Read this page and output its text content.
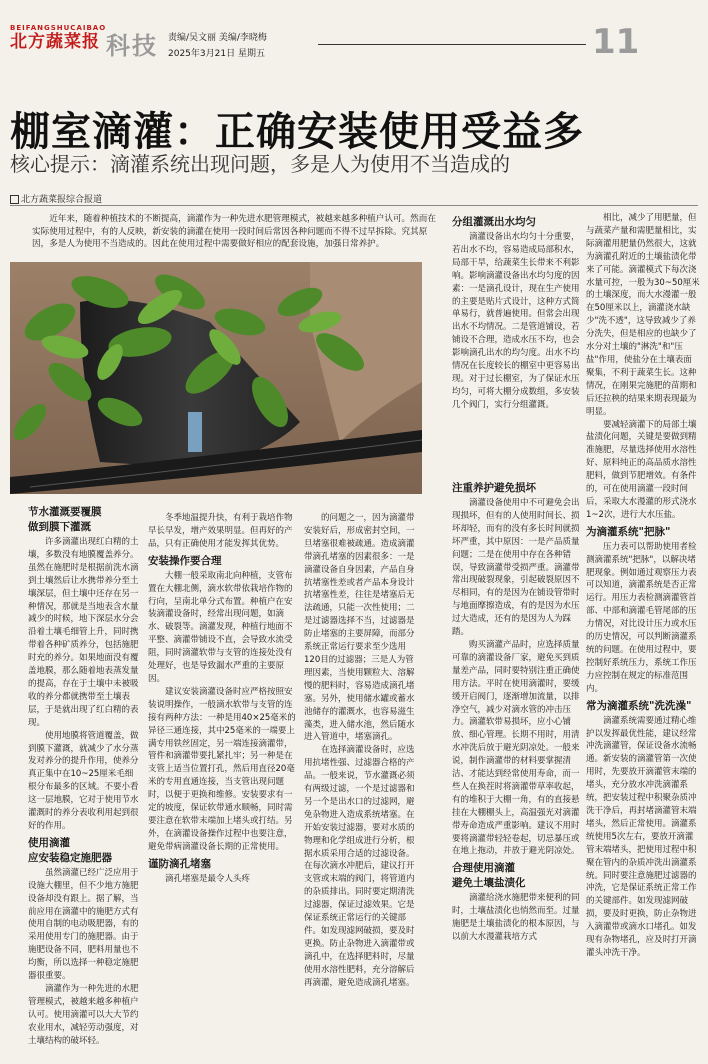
BEIFANGSHUCAIBAO
北方蔬菜报 科技 责编/吴文丽 美编/李晓梅
2025年3月21日 星期五	11
棚室滴灌：正确安装使用受益多
核心提示：滴灌系统出现问题，多是人为使用不当造成的
北方蔬菜报综合报道
近年来，随着种植技术的不断提高，滴灌作为一种先进水肥管理模式，被越来越多种植户认可。然而在实际使用过程中，有的人反映，新安装的滴灌在使用一段时间后常因各种问题而不得不过早拆除。究其原因，多是人为使用不当造成的。因此在使用过程中需要做好相应的配套设施，加强日常养护。
节水灌溉要覆膜
做到膜下灌溉

许多滴灌出现红白精的土壤，多数没有地膜覆盖养分。虽然在施肥时是根据前洗水滴到土壤然后让水携带养分至土壤深层，但土壤中还存在另一种情况，那就是当地表含水量减少的时候，地下深层水分会沿着土壤毛细管上升，同时携带着各种矿质养分，包括施肥时充的养分。如果地面没有覆盖地膜，那么随着地表蒸发量的提高，存在于土壤中未被吸收的养分都就携带至土壤表层，于是就出现了红白精的表现。

使用地膜将管道覆盖，做到膜下灌溉，就减少了水分蒸发对养分的提升作用，使养分真正集中在10~25厘米毛细根分布最多的区域。不要小看这一层地膜，它对于使用节水灌溉时的养分表收利用起到很好的作用。

使用滴灌
应安装稳定施肥器

虽然滴灌已经广泛应用于设施大棚里，但不少地方施肥设备却没有跟上。据了解，当前应用在滴灌中的施肥方式有使用自制的电动吸肥器，有的采用使用专门的施肥器。由于施肥设备不同，肥料用量也不均衡，所以选择一种稳定施肥器很重要。

滴灌作为一种先进的水肥管理模式，被越来越多种植户认可。使用滴灌可以大大节约农业用水，减轻劳动强度，对土壤结构的破坏轻。

冬季地温提升快，有利于栽培作物早长早发，增产效果明显。但再好的产品，只有正确使用才能发挥其优势。

安装操作要合理

大棚一般采取南北向种植，支管布置在大棚北侧，滴水软带依栽培作物的行向，呈南北单分式布置。种植户在安装滴灌设备时，经常出现问题，如滴水、破裂等。滴灌发现，种植行地面不平整、滴灌带铺设不直，会导致水流受阻，同时滴灌软带与支管的连接处没有处理好，也是导致漏水严重的主要原因。

建议安装滴灌设备时应严格按照安装说明操作，一般滴水软带与支管的连接有两种方法：一种是用40×25毫米的异径三通连接，其中25毫米的一端要上满专用铁丝固定，另一端连接滴灌带，管件和滴灌带要扎紧扎牢；另一种是在支管上适当位置打孔，然后用直径20毫米的专用直通连接，当支管出现问题时，以便于更换和维修。安装要求有一定的坡度，保证软带通水顺畅，同时需要注意在软带末端加上堵头或打结。另外，在滴灌设备操作过程中也要注意，避免带病滴灌设备长期的正常使用。

谨防滴孔堵塞

滴孔堵塞是最令人头疼

的问题之一，因为滴灌带安装好后，形成密封空间，一旦堵塞很难被疏通。造成滴灌带滴孔堵塞的因素很多：一是滴灌设备自身因素，产品自身抗堵塞性差或者产品本身设计抗堵塞性差，往往是堵塞后无法疏通，只能一次性使用；二是过滤器选择不当，过滤器是防止堵塞的主要屏障，而部分系统正常运行要求至少选用120目的过滤器；三是人为管理因素，当使用颗粒大、溶解慢的肥料时，容易造成滴孔堵塞。另外，使用储水罐或蓄水池储存的灌溉水，也容易滋生藻类，进入储水池，然后随水进入管道中，堵塞滴孔。

在选择滴灌设备时，应选用抗堵性强、过滤器合格的产品。一般来说，节水灌溉必须有两级过滤，一个是过滤器和另一个是出水口的过滤网，避免杂物进入造成系统堵塞。在开始安装过滤器，要对水质的物理和化学组成进行分析，根据水质采用合适的过滤设备。在每次滴水冲肥后，建议打开支管或末端的阀门，将管道内的杂质排出。同时要定期清洗过滤器，保证过滤效果。它是保证系统正常运行的关键部件。如发现滤网破损，要及时更换。防止杂物进入滴灌带或滴孔中，在选择肥料时，尽量使用水溶性肥料，充分溶解后再滴灌，避免造成滴孔堵塞。

分组灌溉出水均匀

滴灌设备出水均匀十分重要，若出水不均，容易造成局部积水，局部干旱，给蔬菜生长带来不利影响。影响滴灌设备出水均匀度的因素：一是滴孔设计，现在生产使用的主要是贴片式设计，这种方式简单易行，就普遍使用。但常会出现出水不均情况。二是管道铺设，若铺设不合理，造成水压不均，也会影响滴孔出水的均匀度。出水不均情况在长度较长的棚室中更容易出现。对于过长棚室，为了保证水压均匀，可将大棚分成数组，多安装几个阀门，实行分组灌溉。

注重养护避免损坏

滴灌设备使用中不可避免会出现损坏，但有的人使用时间长、损坏却轻，而有的没有多长时间就损坏严重，其中原因：一是产品质量问题；二是在使用中存在各种错误，导致滴灌带受损严重。滴灌带常出现破裂现象，引起破裂原因不尽相同，有的是因为在铺设管带时与地面摩擦造成，有的是因为水压过大造成，还有的是因为人为踩踏。

购买滴灌产品时，应选择质量可靠的滴灌设备厂家，避免买到质量差产品，同时要特别注重正确使用方法。平时在使用滴灌时，要缓缓开启阀门，逐渐增加流量，以排净空气，减少对滴水管的冲击压力。滴灌软带易损坏，应小心铺放、细心管理。长期不用时，用清水冲洗后放于避光阴凉处。一般来说，制作滴灌带的材料要掌握清洁、才能达到经常使用寿命，而一些人在换茬时将滴灌带草率收起，有的堆积于大棚一角，有的直接悬挂在大棚棚头上，高温强光对滴灌带寿命造成严重影响。建议不用时要将滴灌带轻轻卷起，切忌暴压或在地上拖动，并放于避光阴凉处。

合理使用滴灌
避免土壤盐渍化

滴灌给浇水施肥带来便利的同时，土壤盐渍化也悄然而至。过量施肥是土壤盐渍化的根本原因，与以前大水漫灌栽培方式

相比，减少了用肥量，但与蔬菜产量和需肥量相比，实际滴灌用肥量仍然很大，这就为滴灌孔附近的土壤盐渍化带来了可能。滴灌模式下每次浇水量可控，一般为30~50厘米的土壤深度，而大水漫灌一般在50厘米以上，滴灌浇水缺少"洗不透"，这导致减少了养分洗失，但是相应的也缺少了水分对土壤的"淋洗"和"压盐"作用，使盐分在土壤表面聚集，不利于蔬菜生长。这种情况，在刚果完施肥的苗期和后还拉秧的结果来期表现最为明显。

要减轻滴灌下的局部土壤盐渍化问题，关键是要做到精准施肥，尽量选择使用水溶性好、原料纯正的高品质水溶性肥料，做到节肥增效。有条件的，可在使用滴灌一段时间后，采取大水漫灌的形式浇水1~2次，进行大水压盐。

为滴灌系统"把脉"

压力表可以帮助使用者检测滴灌系统"把脉"，以解决堵肥现象。例如通过观察压力表可以知道，滴灌系统是否正常运行。用压力表检测滴灌管首部、中部和滴灌毛管尾部的压力情况，对比设计压力或水压的历史情况，可以判断滴灌系统的问题。在使用过程中，要控制好系统压力，系统工作压力应控制在规定的标准范围内。

常为滴灌系统"洗洗澡"

滴灌系统需要通过精心维护以发挥最优性能，建议经常冲洗滴灌管，保证设备水流畅通。新安装的滴灌管第一次使用时，先要放开滴灌管末端的堵头，充分放水冲洗滴灌系统，把安装过程中积聚杂质冲洗干净后，再封堵滴灌管末端堵头，然后正常使用。滴灌系统使用5次左右，要放开滴灌管末端堵头，把使用过程中积聚在管内的杂质冲洗出滴灌系统。同时要注意施肥过滤器的冲洗，它是保证系统正常工作的关键部件。如发现滤网破损，要及时更换，防止杂物进入滴灌带或滴水口堵孔。如发现有杂物堵孔，应及时打开滴灌头冲洗干净。
